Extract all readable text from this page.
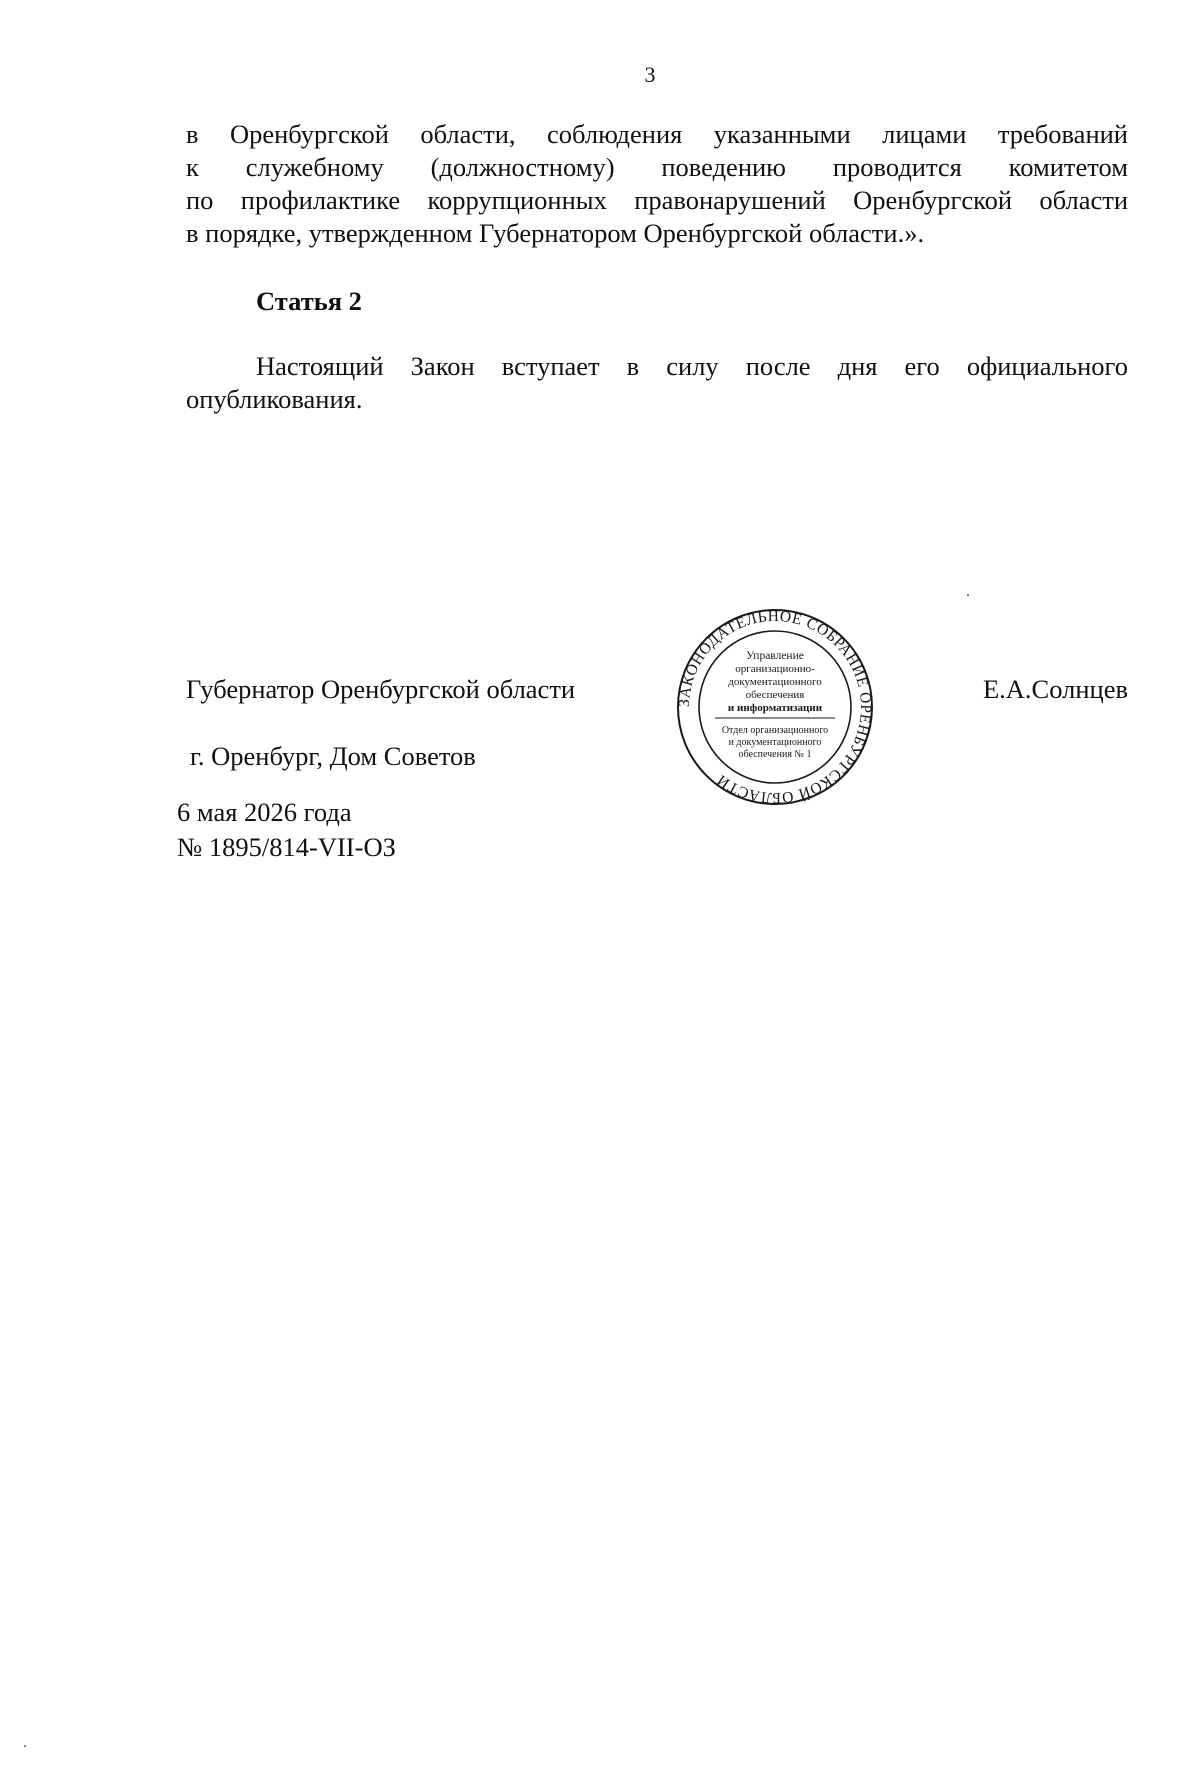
3
в Оренбургской области, соблюдения указанными лицами требований
к служебному (должностному) поведению проводится комитетом
по профилактике коррупционных правонарушений Оренбургской области
в порядке, утвержденном Губернатором Оренбургской области.».
Статья 2
Настоящий Закон вступает в силу после дня его официального
опубликования.
Губернатор Оренбургской области	Е.А.Солнцев
г. Оренбург, Дом Советов
6 мая 2026 года
№ 1895/814-VII-ОЗ
ЗАКОНОДАТЕЛЬНОЕ СОБРАНИЕ ОРЕНБУРГСКОЙ ОБЛАСТИ
Управление
организационно-
документационного
обеспечения
и информатизации
Отдел организационного
и документационного
обеспечения № 1
